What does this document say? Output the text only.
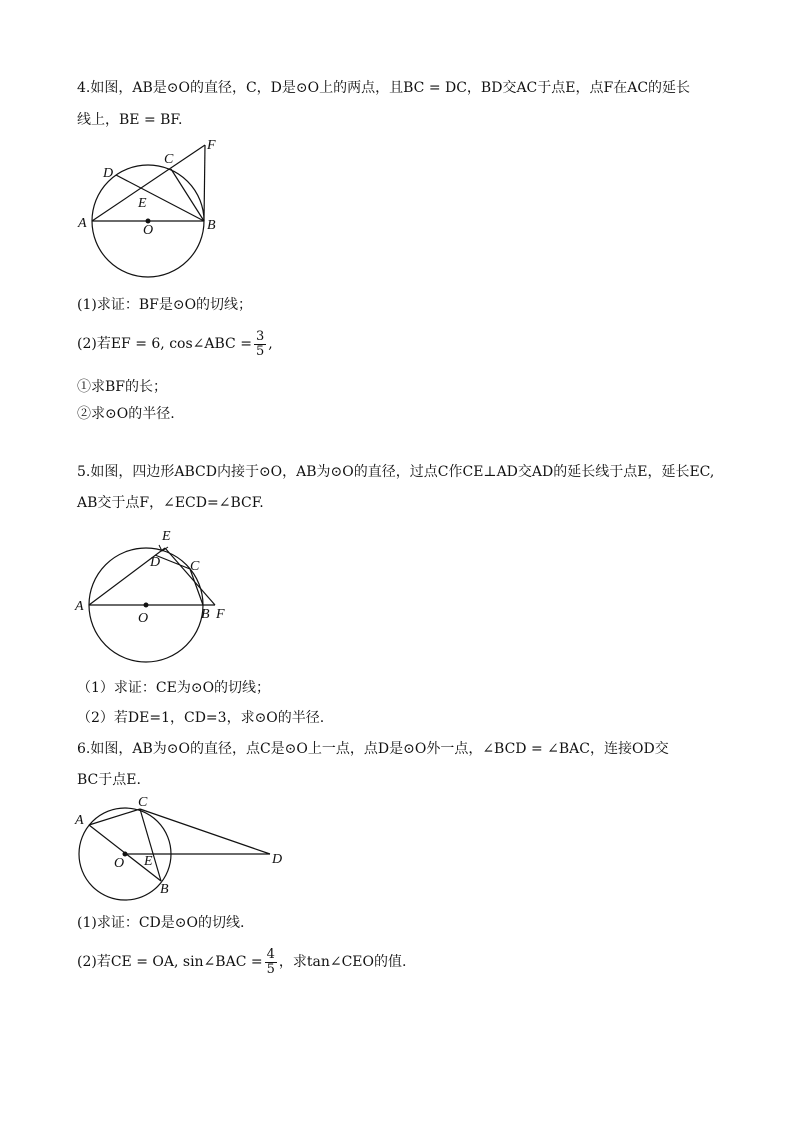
4.如图，AB是⊙O的直径，C，D是⊙O上的两点，且BC = DC，BD交AC于点E，点F在AC的延长
线上，BE = BF.
A	B
C
D
E
F
O
(1)求证：BF是⊙O的切线；
(2)若EF = 6, cos∠ABC = $\frac{3}{5}$ ,
①求BF的长；
②求⊙O的半径.
5.如图，四边形ABCD内接于⊙O，AB为⊙O的直径，过点C作CE⊥AD交AD的延长线于点E，延长EC,
AB交于点F，∠ECD=∠BCF.
A
B
C
D
E
F
O
（1）求证：CE为⊙O的切线；
（2）若DE=1，CD=3，求⊙O的半径.
6.如图，AB为⊙O的直径，点C是⊙O上一点，点D是⊙O外一点，∠BCD = ∠BAC，连接OD交
BC于点E.
A
B
C
D
E
O
(1)求证：CD是⊙O的切线.
(2)若CE = OA, sin∠BAC = $\frac{4}{5}$ ，求tan∠CEO的值.
